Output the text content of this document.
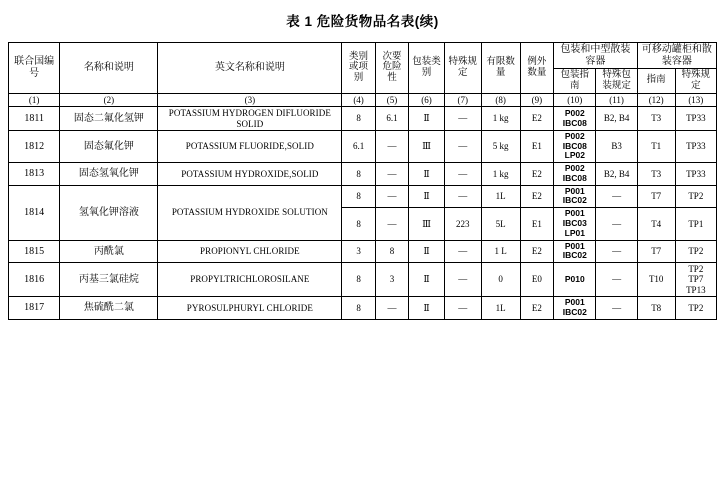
表 1 危险货物品名表(续)
联合国编号	名称和说明	英文名称和说明	类别或项别	次要危险性	包装类别	特殊规定	有限数量	例外数量	包装和中型散装容器		可移动罐柜和散装容器	
									包装指南	特殊包装规定	指南	特殊规定
(1)	(2)	(3)	(4)	(5)	(6)	(7)	(8)	(9)	(10)	(11)	(12)	(13)
1811	固态二氟化氢钾	POTASSIUM HYDROGEN DIFLUORIDE SOLID	8	6.1	Ⅱ	—	1 kg	E2	P002
IBC08	B2, B4	T3	TP33

1812	固态氟化钾	POTASSIUM FLUORIDE,SOLID	6.1	—	Ⅲ	—	5 kg	E1	P002
IBC08
LP02	B3	T1	TP33

1813	固态氢氧化钾	POTASSIUM HYDROXIDE,SOLID	8	—	Ⅱ	—	1 kg	E2	P002
IBC08	B2, B4	T3	TP33

1814	氢氧化钾溶液	POTASSIUM HYDROXIDE SOLUTION	8	—	Ⅱ	—	1L	E2	P001
IBC02	—	T7	TP2

			8	—	Ⅲ	223	5L	E1	P001
IBC03
LP01	—	T4	TP1

1815	丙酰氯	PROPIONYL CHLORIDE	3	8	Ⅱ	—	1 L	E2	P001
IBC02	—	T7	TP2

1816	丙基三氯硅烷	PROPYLTRICHLOROSILANE	8	3	Ⅱ	—	0	E0	P010	—	T10	TP2
TP7
TP13

1817	焦硫酰二氯	PYROSULPHURYL CHLORIDE	8	—	Ⅱ	—	1L	E2	P001
IBC02	—	T8	TP2
